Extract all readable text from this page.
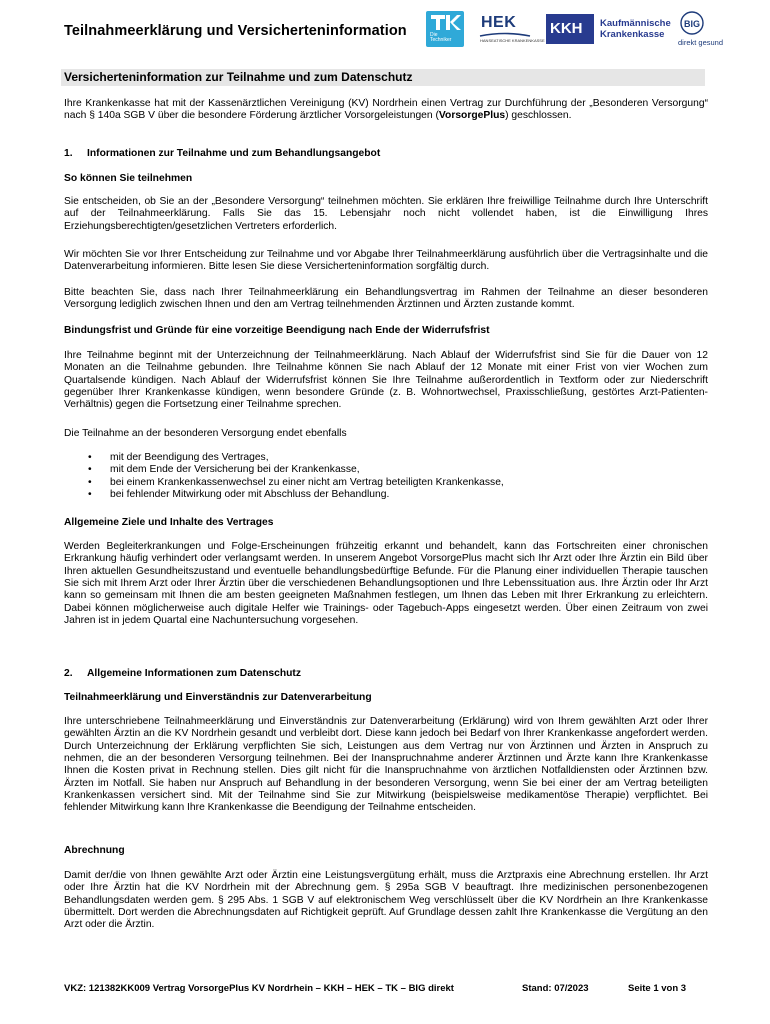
Teilnahmeerklärung und Versicherteninformation	Die Techniker
HEK
HANSEATISCHE KRANKENKASSE
KKH Kaufmännische
Krankenkasse
BIG
direkt gesund
Versicherteninformation zur Teilnahme und zum Datenschutz

Ihre Krankenkasse hat mit der Kassenärztlichen Vereinigung (KV) Nordrhein einen Vertrag zur Durchführung der „Besonderen Versorgung“ nach § 140a SGB V über die besondere Förderung ärztlicher Vorsorgeleistungen (VorsorgePlus) geschlossen.

1. Informationen zur Teilnahme und zum Behandlungsangebot
So können Sie teilnehmen

Sie entscheiden, ob Sie an der „Besondere Versorgung“ teilnehmen möchten. Sie erklären Ihre freiwillige Teilnahme durch Ihre Unterschrift auf der Teilnahmeerklärung. Falls Sie das 15. Lebensjahr noch nicht vollendet haben, ist die Einwilligung Ihres Erziehungsberechtigten/gesetzlichen Vertreters erforderlich.

Wir möchten Sie vor Ihrer Entscheidung zur Teilnahme und vor Abgabe Ihrer Teilnahmeerklärung ausführlich über die Vertragsinhalte und die Datenverarbeitung informieren. Bitte lesen Sie diese Versicherteninformation sorgfältig durch.

Bitte beachten Sie, dass nach Ihrer Teilnahmeerklärung ein Behandlungsvertrag im Rahmen der Teilnahme an dieser besonderen Versorgung lediglich zwischen Ihnen und den am Vertrag teilnehmenden Ärztinnen und Ärzten zustande kommt.

Bindungsfrist und Gründe für eine vorzeitige Beendigung nach Ende der Widerrufsfrist

Ihre Teilnahme beginnt mit der Unterzeichnung der Teilnahmeerklärung. Nach Ablauf der Widerrufsfrist sind Sie für die Dauer von 12 Monaten an die Teilnahme gebunden. Ihre Teilnahme können Sie nach Ablauf der 12 Monate mit einer Frist von vier Wochen zum Quartalsende kündigen. Nach Ablauf der Widerrufsfrist können Sie Ihre Teilnahme außerordentlich in Textform oder zur Niederschrift gegenüber Ihrer Krankenkasse kündigen, wenn besondere Gründe (z. B. Wohnortwechsel, Praxisschließung, gestörtes Arzt-Patienten-Verhältnis) gegen die Fortsetzung einer Teilnahme sprechen.

Die Teilnahme an der besonderen Versorgung endet ebenfalls

• mit der Beendigung des Vertrages,
• mit dem Ende der Versicherung bei der Krankenkasse,
• bei einem Krankenkassenwechsel zu einer nicht am Vertrag beteiligten Krankenkasse,
• bei fehlender Mitwirkung oder mit Abschluss der Behandlung.
Allgemeine Ziele und Inhalte des Vertrages

Werden Begleiterkrankungen und Folge-Erscheinungen frühzeitig erkannt und behandelt, kann das Fortschreiten einer chronischen Erkrankung häufig verhindert oder verlangsamt werden. In unserem Angebot VorsorgePlus macht sich Ihr Arzt oder Ihre Ärztin ein Bild über Ihren aktuellen Gesundheitszustand und eventuelle behandlungsbedürftige Befunde. Für die Planung einer individuellen Therapie tauschen Sie sich mit Ihrem Arzt oder Ihrer Ärztin über die verschiedenen Behandlungsoptionen und Ihre Lebenssituation aus. Ihre Ärztin oder Ihr Arzt kann so gemeinsam mit Ihnen die am besten geeigneten Maßnahmen festlegen, um Ihnen das Leben mit Ihrer Erkrankung zu erleichtern. Dabei können möglicherweise auch digitale Helfer wie Trainings- oder Tagebuch-Apps eingesetzt werden. Über einen Zeitraum von zwei Jahren ist in jedem Quartal eine Nachuntersuchung vorgesehen.

2. Allgemeine Informationen zum Datenschutz
Teilnahmeerklärung und Einverständnis zur Datenverarbeitung

Ihre unterschriebene Teilnahmeerklärung und Einverständnis zur Datenverarbeitung (Erklärung) wird von Ihrem gewählten Arzt oder Ihrer gewählten Ärztin an die KV Nordrhein gesandt und verbleibt dort. Diese kann jedoch bei Bedarf von Ihrer Krankenkasse angefordert werden. Durch Unterzeichnung der Erklärung verpflichten Sie sich, Leistungen aus dem Vertrag nur von Ärztinnen und Ärzten in Anspruch zu nehmen, die an der besonderen Versorgung teilnehmen. Bei der Inanspruchnahme anderer Ärztinnen und Ärzte kann Ihre Krankenkasse Ihnen die Kosten privat in Rechnung stellen. Dies gilt nicht für die Inanspruchnahme von ärztlichen Notfalldiensten oder Ärztinnen bzw. Ärzten im Notfall. Sie haben nur Anspruch auf Behandlung in der besonderen Versorgung, wenn Sie bei einer der am Vertrag beteiligten Krankenkassen versichert sind. Mit der Teilnahme sind Sie zur Mitwirkung (beispielsweise medikamentöse Therapie) verpflichtet. Bei fehlender Mitwirkung kann Ihre Krankenkasse die Beendigung der Teilnahme entscheiden.

Abrechnung

Damit der/die von Ihnen gewählte Arzt oder Ärztin eine Leistungsvergütung erhält, muss die Arztpraxis eine Abrechnung erstellen. Ihr Arzt oder Ihre Ärztin hat die KV Nordrhein mit der Abrechnung gem. § 295a SGB V beauftragt. Ihre medizinischen personenbezogenen Behandlungsdaten werden gem. § 295 Abs. 1 SGB V auf elektronischem Weg verschlüsselt über die KV Nordrhein an Ihre Krankenkasse übermittelt. Dort werden die Abrechnungsdaten auf Richtigkeit geprüft. Auf Grundlage dessen zahlt Ihre Krankenkasse die Vergütung an den Arzt oder die Ärztin.

VKZ: 121382KK009 Vertrag VorsorgePlus KV Nordrhein – KKH – HEK – TK – BIG direkt	Stand: 07/2023	Seite 1 von 3
